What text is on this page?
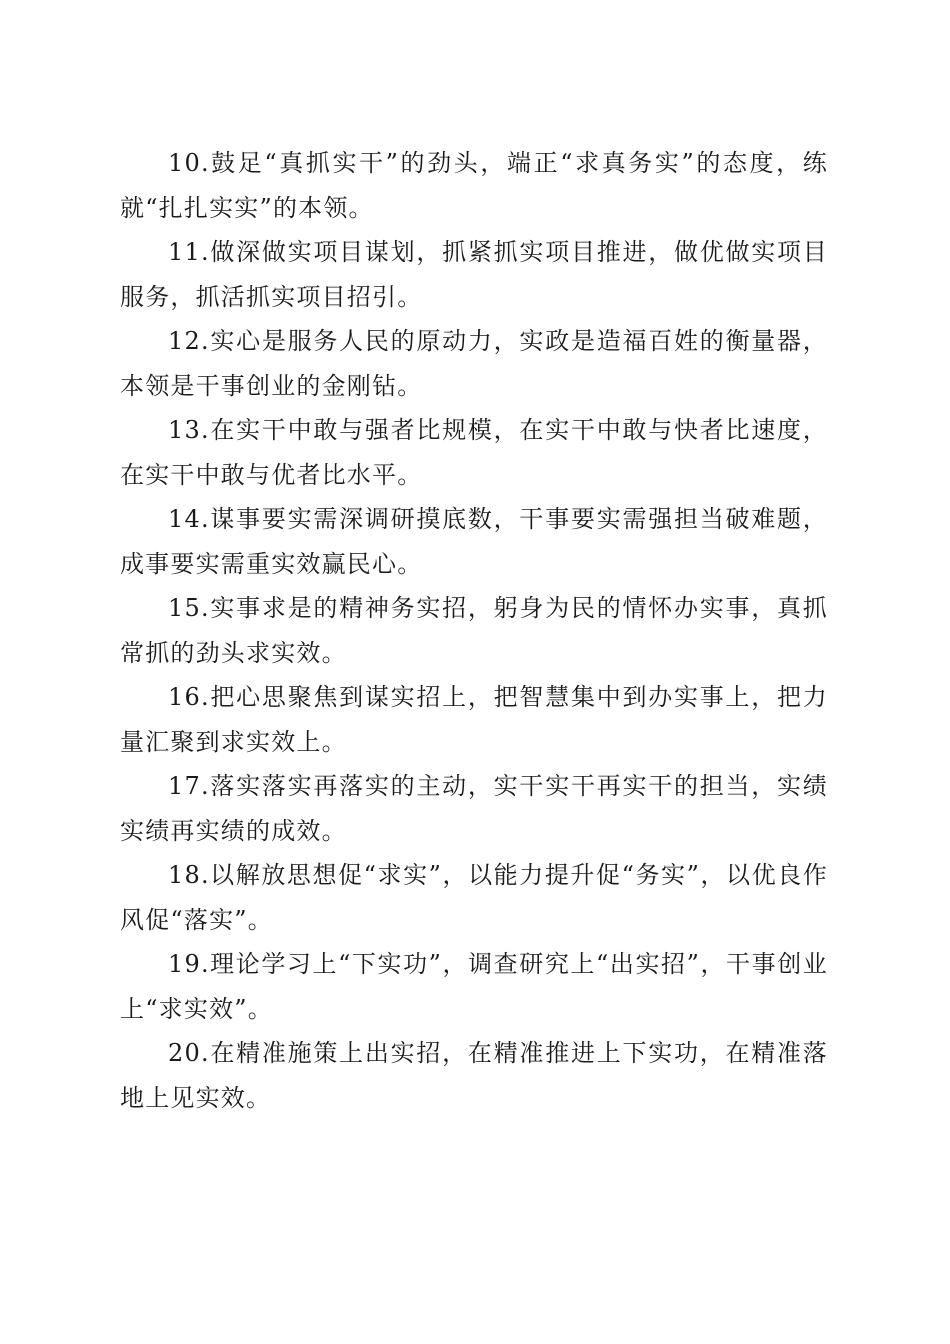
10.鼓足“真抓实干”的劲头，端正“求真务实”的态度，练就“扎扎实实”的本领。

11.做深做实项目谋划，抓紧抓实项目推进，做优做实项目服务，抓活抓实项目招引。

12.实心是服务人民的原动力，实政是造福百姓的衡量器，本领是干事创业的金刚钻。

13.在实干中敢与强者比规模，在实干中敢与快者比速度，在实干中敢与优者比水平。

14.谋事要实需深调研摸底数，干事要实需强担当破难题，成事要实需重实效赢民心。

15.实事求是的精神务实招，躬身为民的情怀办实事，真抓常抓的劲头求实效。

16.把心思聚焦到谋实招上，把智慧集中到办实事上，把力量汇聚到求实效上。

17.落实落实再落实的主动，实干实干再实干的担当，实绩实绩再实绩的成效。

18.以解放思想促“求实”，以能力提升促“务实”，以优良作风促“落实”。

19.理论学习上“下实功”，调查研究上“出实招”，干事创业上“求实效”。

20.在精准施策上出实招，在精准推进上下实功，在精准落地上见实效。
